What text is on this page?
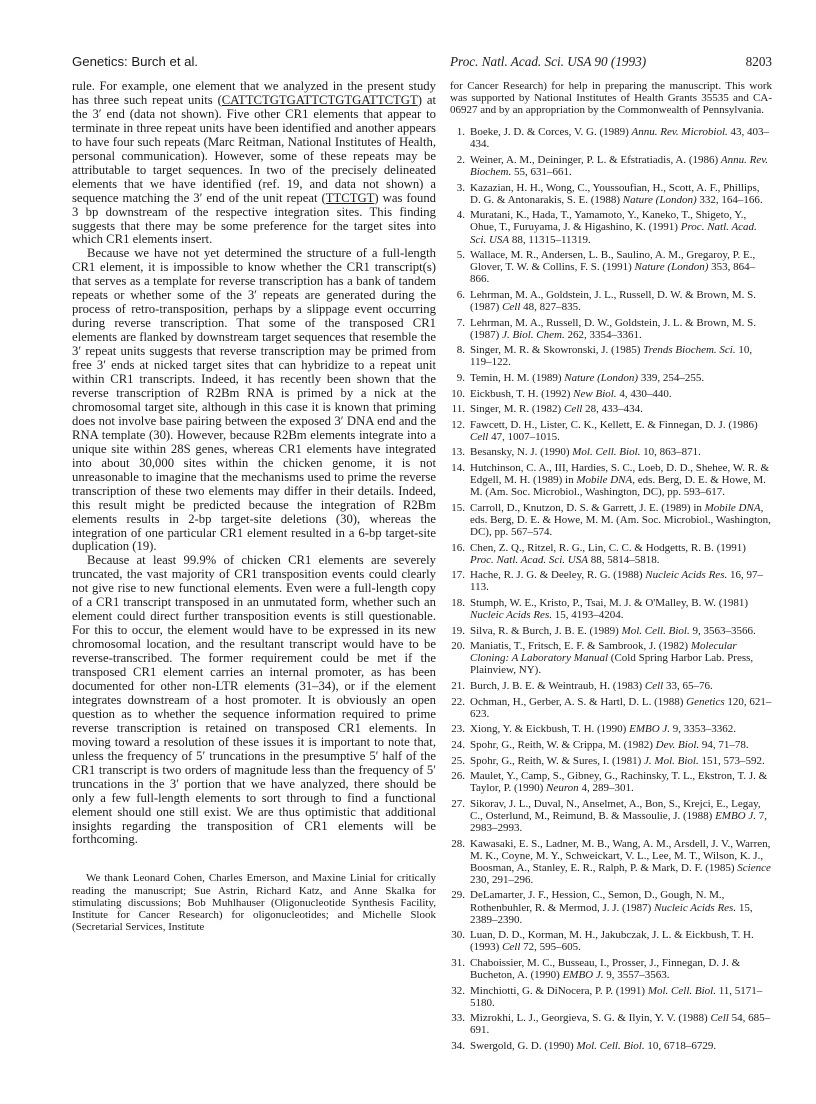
Genetics: Burch et al.	Proc. Natl. Acad. Sci. USA 90 (1993)	8203

rule. For example, one element that we analyzed in the present study has three such repeat units (CATTCTGTGATTCTGTGATTCTGT) at the 3′ end (data not shown). Five other CR1 elements that appear to terminate in three repeat units have been identified and another appears to have four such repeats (Marc Reitman, National Institutes of Health, personal communication). However, some of these repeats may be attributable to target sequences. In two of the precisely delineated elements that we have identified (ref. 19, and data not shown) a sequence matching the 3′ end of the unit repeat (TTCTGT) was found 3 bp downstream of the respective integration sites. This finding suggests that there may be some preference for the target sites into which CR1 elements insert.

Because we have not yet determined the structure of a full-length CR1 element, it is impossible to know whether the CR1 transcript(s) that serves as a template for reverse transcription has a bank of tandem repeats or whether some of the 3′ repeats are generated during the process of retro-transposition, perhaps by a slippage event occurring during reverse transcription. That some of the transposed CR1 elements are flanked by downstream target sequences that resemble the 3′ repeat units suggests that reverse transcription may be primed from free 3′ ends at nicked target sites that can hybridize to a repeat unit within CR1 transcripts. Indeed, it has recently been shown that the reverse transcription of R2Bm RNA is primed by a nick at the chromosomal target site, although in this case it is known that priming does not involve base pairing between the exposed 3′ DNA end and the RNA template (30). However, because R2Bm elements integrate into a unique site within 28S genes, whereas CR1 elements have integrated into about 30,000 sites within the chicken genome, it is not unreasonable to imagine that the mechanisms used to prime the reverse transcription of these two elements may differ in their details. Indeed, this result might be predicted because the integration of R2Bm elements results in 2-bp target-site deletions (30), whereas the integration of one particular CR1 element resulted in a 6-bp target-site duplication (19).

Because at least 99.9% of chicken CR1 elements are severely truncated, the vast majority of CR1 transposition events could clearly not give rise to new functional elements. Even were a full-length copy of a CR1 transcript transposed in an unmutated form, whether such an element could direct further transposition events is still questionable. For this to occur, the element would have to be expressed in its new chromosomal location, and the resultant transcript would have to be reverse-transcribed. The former requirement could be met if the transposed CR1 element carries an internal promoter, as has been documented for other non-LTR elements (31–34), or if the element integrates downstream of a host promoter. It is obviously an open question as to whether the sequence information required to prime reverse transcription is retained on transposed CR1 elements. In moving toward a resolution of these issues it is important to note that, unless the frequency of 5′ truncations in the presumptive 5′ half of the CR1 transcript is two orders of magnitude less than the frequency of 5′ truncations in the 3′ portion that we have analyzed, there should be only a few full-length elements to sort through to find a functional element should one still exist. We are thus optimistic that additional insights regarding the transposition of CR1 elements will be forthcoming.

We thank Leonard Cohen, Charles Emerson, and Maxine Linial for critically reading the manuscript; Sue Astrin, Richard Katz, and Anne Skalka for stimulating discussions; Bob Muhlhauser (Oligonucleotide Synthesis Facility, Institute for Cancer Research) for oligonucleotides; and Michelle Slook (Secretarial Services, Institute

for Cancer Research) for help in preparing the manuscript. This work was supported by National Institutes of Health Grants 35535 and CA-06927 and by an appropriation by the Commonwealth of Pennsylvania.

1. Boeke, J. D. & Corces, V. G. (1989) Annu. Rev. Microbiol. 43, 403–434.
2. Weiner, A. M., Deininger, P. L. & Efstratiadis, A. (1986) Annu. Rev. Biochem. 55, 631–661.
3. Kazazian, H. H., Wong, C., Youssoufian, H., Scott, A. F., Phillips, D. G. & Antonarakis, S. E. (1988) Nature (London) 332, 164–166.
4. Muratani, K., Hada, T., Yamamoto, Y., Kaneko, T., Shigeto, Y., Ohue, T., Furuyama, J. & Higashino, K. (1991) Proc. Natl. Acad. Sci. USA 88, 11315–11319.
5. Wallace, M. R., Andersen, L. B., Saulino, A. M., Gregaroy, P. E., Glover, T. W. & Collins, F. S. (1991) Nature (London) 353, 864–866.
6. Lehrman, M. A., Goldstein, J. L., Russell, D. W. & Brown, M. S. (1987) Cell 48, 827–835.
7. Lehrman, M. A., Russell, D. W., Goldstein, J. L. & Brown, M. S. (1987) J. Biol. Chem. 262, 3354–3361.
8. Singer, M. R. & Skowronski, J. (1985) Trends Biochem. Sci. 10, 119–122.
9. Temin, H. M. (1989) Nature (London) 339, 254–255.
10. Eickbush, T. H. (1992) New Biol. 4, 430–440.
11. Singer, M. R. (1982) Cell 28, 433–434.
12. Fawcett, D. H., Lister, C. K., Kellett, E. & Finnegan, D. J. (1986) Cell 47, 1007–1015.
13. Besansky, N. J. (1990) Mol. Cell. Biol. 10, 863–871.
14. Hutchinson, C. A., III, Hardies, S. C., Loeb, D. D., Shehee, W. R. & Edgell, M. H. (1989) in Mobile DNA, eds. Berg, D. E. & Howe, M. M. (Am. Soc. Microbiol., Washington, DC), pp. 593–617.
15. Carroll, D., Knutzon, D. S. & Garrett, J. E. (1989) in Mobile DNA, eds. Berg, D. E. & Howe, M. M. (Am. Soc. Microbiol., Washington, DC), pp. 567–574.
16. Chen, Z. Q., Ritzel, R. G., Lin, C. C. & Hodgetts, R. B. (1991) Proc. Natl. Acad. Sci. USA 88, 5814–5818.
17. Hache, R. J. G. & Deeley, R. G. (1988) Nucleic Acids Res. 16, 97–113.
18. Stumph, W. E., Kristo, P., Tsai, M. J. & O'Malley, B. W. (1981) Nucleic Acids Res. 15, 4193–4204.
19. Silva, R. & Burch, J. B. E. (1989) Mol. Cell. Biol. 9, 3563–3566.
20. Maniatis, T., Fritsch, E. F. & Sambrook, J. (1982) Molecular Cloning: A Laboratory Manual (Cold Spring Harbor Lab. Press, Plainview, NY).
21. Burch, J. B. E. & Weintraub, H. (1983) Cell 33, 65–76.
22. Ochman, H., Gerber, A. S. & Hartl, D. L. (1988) Genetics 120, 621–623.
23. Xiong, Y. & Eickbush, T. H. (1990) EMBO J. 9, 3353–3362.
24. Spohr, G., Reith, W. & Crippa, M. (1982) Dev. Biol. 94, 71–78.
25. Spohr, G., Reith, W. & Sures, I. (1981) J. Mol. Biol. 151, 573–592.
26. Maulet, Y., Camp, S., Gibney, G., Rachinsky, T. L., Ekstron, T. J. & Taylor, P. (1990) Neuron 4, 289–301.
27. Sikorav, J. L., Duval, N., Anselmet, A., Bon, S., Krejci, E., Legay, C., Osterlund, M., Reimund, B. & Massoulie, J. (1988) EMBO J. 7, 2983–2993.
28. Kawasaki, E. S., Ladner, M. B., Wang, A. M., Arsdell, J. V., Warren, M. K., Coyne, M. Y., Schweickart, V. L., Lee, M. T., Wilson, K. J., Boosman, A., Stanley, E. R., Ralph, P. & Mark, D. F. (1985) Science 230, 291–296.
29. DeLamarter, J. F., Hession, C., Semon, D., Gough, N. M., Rothenbuhler, R. & Mermod, J. J. (1987) Nucleic Acids Res. 15, 2389–2390.
30. Luan, D. D., Korman, M. H., Jakubczak, J. L. & Eickbush, T. H. (1993) Cell 72, 595–605.
31. Chaboissier, M. C., Busseau, I., Prosser, J., Finnegan, D. J. & Bucheton, A. (1990) EMBO J. 9, 3557–3563.
32. Minchiotti, G. & DiNocera, P. P. (1991) Mol. Cell. Biol. 11, 5171–5180.
33. Mizrokhi, L. J., Georgieva, S. G. & Ilyin, Y. V. (1988) Cell 54, 685–691.
34. Swergold, G. D. (1990) Mol. Cell. Biol. 10, 6718–6729.
